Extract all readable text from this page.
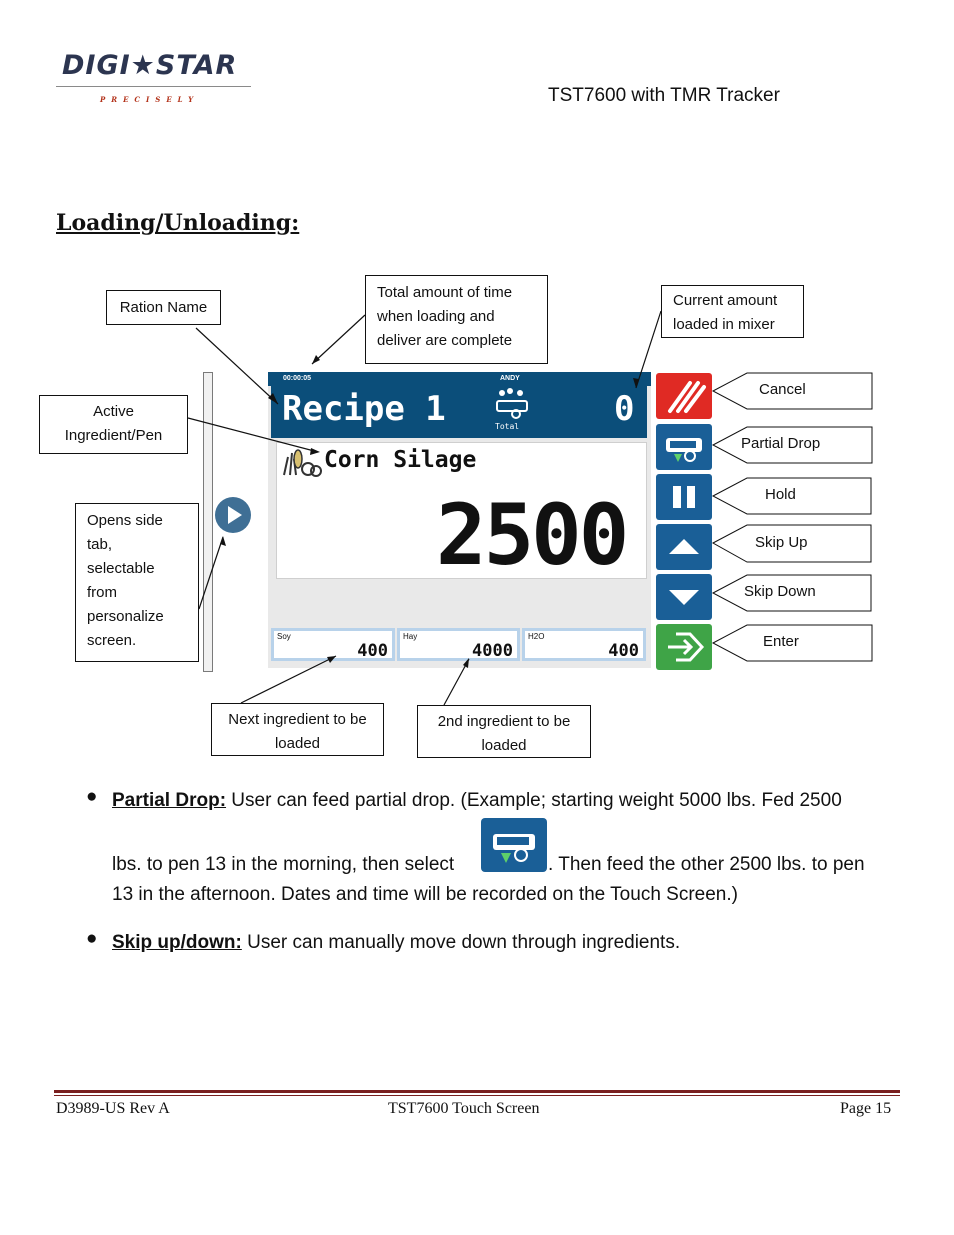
DIGI★STAR
PRECISELY	TST7600 with TMR Tracker
Loading/Unloading:
Ration Name
Total amount of time
when loading and
deliver are complete
Current amount
loaded in mixer
Active
Ingredient/Pen
Opens side
tab,
selectable
from
personalize
screen.
Next ingredient to be
loaded
2nd ingredient to be
loaded
00:00:05	ANDY
Recipe 1	Total	0
Corn Silage
2500
Soy
400
Hay
4000
H2O
400
Cancel
Partial Drop
Hold
Skip Up
Skip Down
Enter
● Partial Drop: User can feed partial drop. (Example; starting weight 5000 lbs. Fed 2500
lbs. to pen 13 in the morning, then select	. Then feed the other 2500 lbs. to pen
13 in the afternoon. Dates and time will be recorded on the Touch Screen.)
● Skip up/down: User can manually move down through ingredients.
D3989-US Rev A	TST7600 Touch Screen	Page 15
